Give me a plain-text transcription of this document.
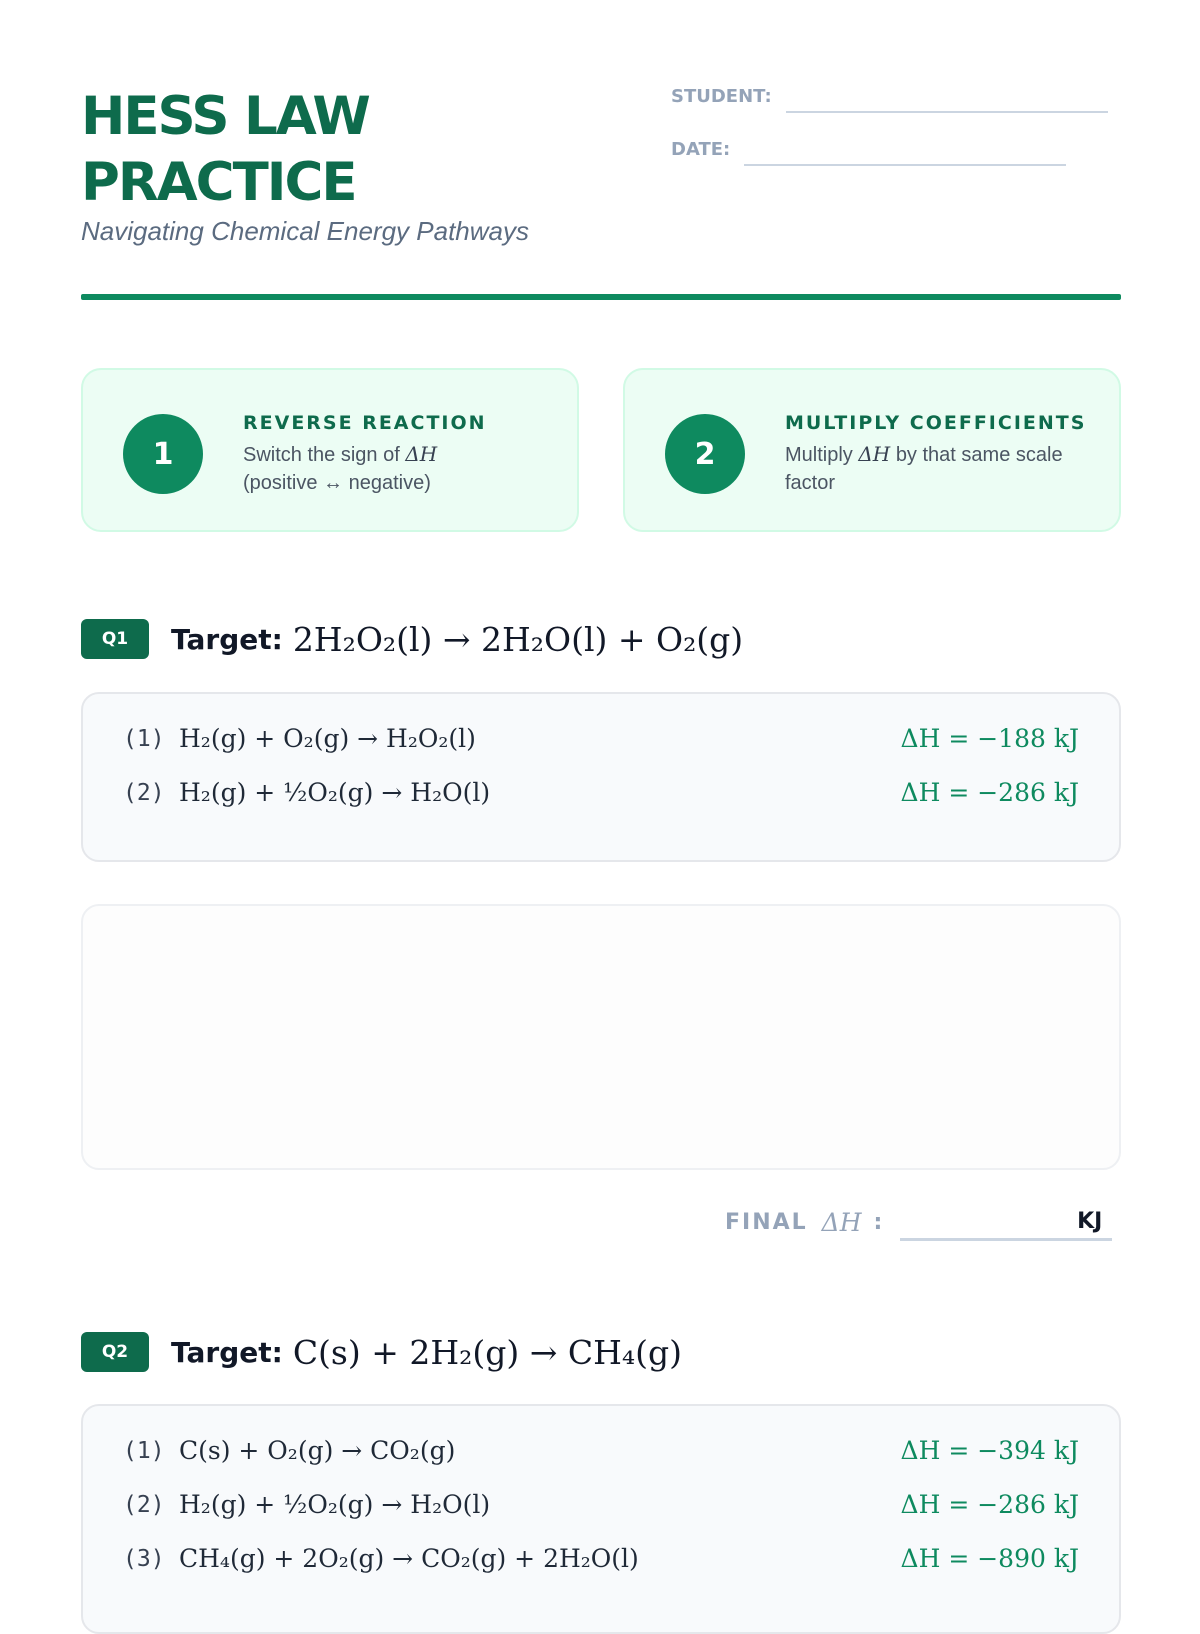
HESS LAW
PRACTICE
Navigating Chemical Energy Pathways
STUDENT:
DATE:
1
REVERSE REACTION
Switch the sign of ΔH
(positive ↔ negative)
2
MULTIPLY COEFFICIENTS
Multiply ΔH by that same scale factor
Q1	Target: 2H₂O₂(l) → 2H₂O(l) + O₂(g)
(1) H₂(g) + O₂(g) → H₂O₂(l)	ΔH = −188 kJ
(2) H₂(g) + ½O₂(g) → H₂O(l)	ΔH = −286 kJ
FINAL ΔH :	KJ
Q2	Target: C(s) + 2H₂(g) → CH₄(g)
(1) C(s) + O₂(g) → CO₂(g)	ΔH = −394 kJ
(2) H₂(g) + ½O₂(g) → H₂O(l)	ΔH = −286 kJ
(3) CH₄(g) + 2O₂(g) → CO₂(g) + 2H₂O(l)	ΔH = −890 kJ
